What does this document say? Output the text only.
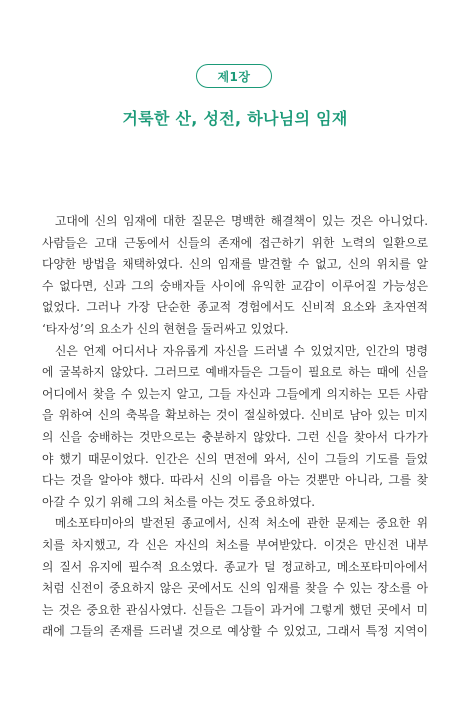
제1장
거룩한 산, 성전, 하나님의 임재
고대에 신의 임재에 대한 질문은 명백한 해결책이 있는 것은 아니었다.
사람들은 고대 근동에서 신들의 존재에 접근하기 위한 노력의 일환으로
다양한 방법을 채택하였다. 신의 임재를 발견할 수 없고, 신의 위치를 알
수 없다면, 신과 그의 숭배자들 사이에 유익한 교감이 이루어질 가능성은
없었다. 그러나 가장 단순한 종교적 경험에서도 신비적 요소와 초자연적
‘타자성’의 요소가 신의 현현을 둘러싸고 있었다.
신은 언제 어디서나 자유롭게 자신을 드러낼 수 있었지만, 인간의 명령
에 굴복하지 않았다. 그러므로 예배자들은 그들이 필요로 하는 때에 신을
어디에서 찾을 수 있는지 알고, 그들 자신과 그들에게 의지하는 모든 사람
을 위하여 신의 축복을 확보하는 것이 절실하였다. 신비로 남아 있는 미지
의 신을 숭배하는 것만으로는 충분하지 않았다. 그런 신을 찾아서 다가가
야 했기 때문이었다. 인간은 신의 면전에 와서, 신이 그들의 기도를 들었
다는 것을 알아야 했다. 따라서 신의 이름을 아는 것뿐만 아니라, 그를 찾
아갈 수 있기 위해 그의 처소를 아는 것도 중요하였다.
메소포타미아의 발전된 종교에서, 신적 처소에 관한 문제는 중요한 위
치를 차지했고, 각 신은 자신의 처소를 부여받았다. 이것은 만신전 내부
의 질서 유지에 필수적 요소였다. 종교가 덜 정교하고, 메소포타미아에서
처럼 신전이 중요하지 않은 곳에서도 신의 임재를 찾을 수 있는 장소를 아
는 것은 중요한 관심사였다. 신들은 그들이 과거에 그렇게 했던 곳에서 미
래에 그들의 존재를 드러낼 것으로 예상할 수 있었고, 그래서 특정 지역이
